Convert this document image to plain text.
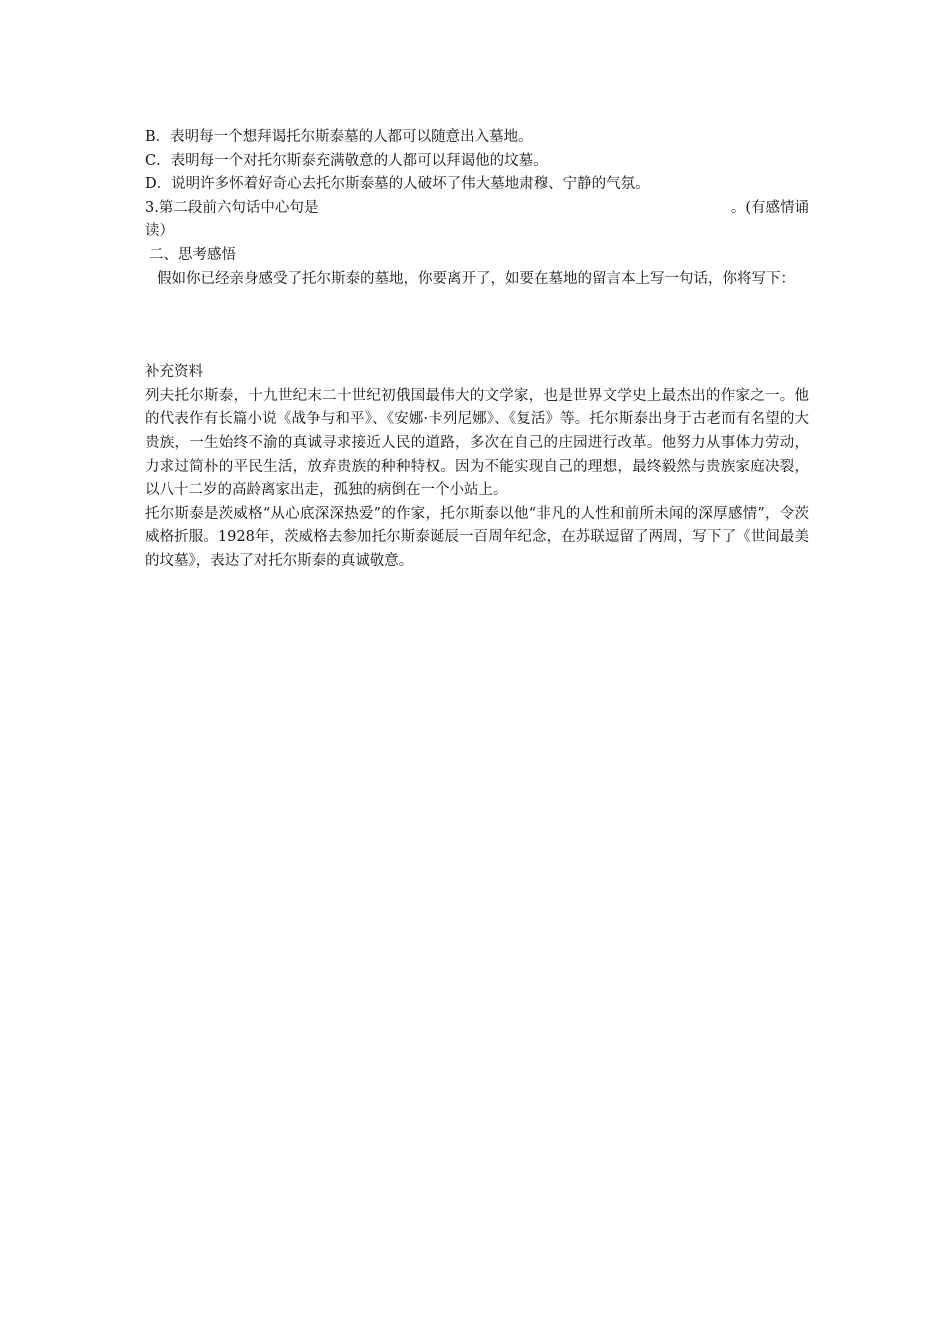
B．表明每一个想拜谒托尔斯泰墓的人都可以随意出入墓地。

C．表明每一个对托尔斯泰充满敬意的人都可以拜谒他的坟墓。

D．说明许多怀着好奇心去托尔斯泰墓的人破坏了伟大墓地肃穆、宁静的气氛。

3.第二段前六句话中心句是	。(有感情诵

读）

二、思考感悟

假如你已经亲身感受了托尔斯泰的墓地，你要离开了，如要在墓地的留言本上写一句话，你将写下：

补充资料

列夫托尔斯泰，十九世纪末二十世纪初俄国最伟大的文学家，也是世界文学史上最杰出的作家之一。他的代表作有长篇小说《战争与和平》、《安娜·卡列尼娜》、《复活》等。托尔斯泰出身于古老而有名望的大贵族，一生始终不渝的真诚寻求接近人民的道路，多次在自己的庄园进行改革。他努力从事体力劳动，力求过简朴的平民生活，放弃贵族的种种特权。因为不能实现自己的理想，最终毅然与贵族家庭决裂，以八十二岁的高龄离家出走，孤独的病倒在一个小站上。

托尔斯泰是茨威格“从心底深深热爱”的作家，托尔斯泰以他“非凡的人性和前所未闻的深厚感情”，令茨威格折服。1928年，茨威格去参加托尔斯泰诞辰一百周年纪念，在苏联逗留了两周，写下了《世间最美的坟墓》，表达了对托尔斯泰的真诚敬意。
